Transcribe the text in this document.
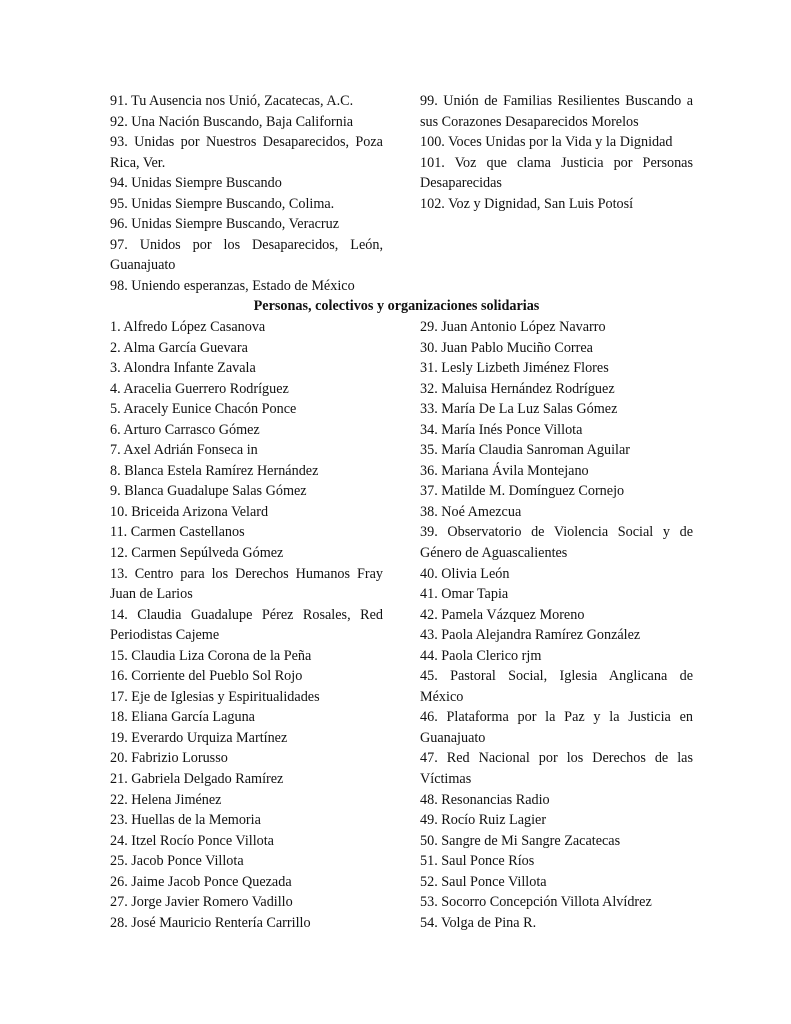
91. Tu Ausencia nos Unió, Zacatecas, A.C.
92. Una Nación Buscando, Baja California
93. Unidas por Nuestros Desaparecidos, Poza Rica, Ver.
94. Unidas Siempre Buscando
95. Unidas Siempre Buscando, Colima.
96. Unidas Siempre Buscando, Veracruz
97. Unidos por los Desaparecidos, León, Guanajuato
98. Uniendo esperanzas, Estado de México
99. Unión de Familias Resilientes Buscando a sus Corazones Desaparecidos Morelos
100. Voces Unidas por la Vida y la Dignidad
101. Voz que clama Justicia por Personas Desaparecidas
102. Voz y Dignidad, San Luis Potosí
Personas, colectivos y organizaciones solidarias
1. Alfredo López Casanova
2. Alma García Guevara
3. Alondra Infante Zavala
4. Aracelia Guerrero Rodríguez
5. Aracely Eunice Chacón Ponce
6. Arturo Carrasco Gómez
7. Axel Adrián Fonseca in
8. Blanca Estela Ramírez Hernández
9. Blanca Guadalupe Salas Gómez
10. Briceida Arizona Velard
11. Carmen Castellanos
12. Carmen Sepúlveda Gómez
13. Centro para los Derechos Humanos Fray Juan de Larios
14. Claudia Guadalupe Pérez Rosales, Red Periodistas Cajeme
15. Claudia Liza Corona de la Peña
16. Corriente del Pueblo Sol Rojo
17. Eje de Iglesias y Espiritualidades
18. Eliana García Laguna
19. Everardo Urquiza Martínez
20. Fabrizio Lorusso
21. Gabriela Delgado Ramírez
22. Helena Jiménez
23. Huellas de la Memoria
24. Itzel Rocío Ponce Villota
25. Jacob Ponce Villota
26. Jaime Jacob Ponce Quezada
27. Jorge Javier Romero Vadillo
28. José Mauricio Rentería Carrillo
29. Juan Antonio López Navarro
30. Juan Pablo Muciño Correa
31. Lesly Lizbeth Jiménez Flores
32. Maluisa Hernández Rodríguez
33. María De La Luz Salas Gómez
34. María Inés Ponce Villota
35. María Claudia Sanroman Aguilar
36. Mariana Ávila Montejano
37. Matilde M. Domínguez Cornejo
38. Noé Amezcua
39. Observatorio de Violencia Social y de Género de Aguascalientes
40. Olivia León
41. Omar Tapia
42. Pamela Vázquez Moreno
43. Paola Alejandra Ramírez González
44. Paola Clerico rjm
45. Pastoral Social, Iglesia Anglicana de México
46. Plataforma por la Paz y la Justicia en Guanajuato
47. Red Nacional por los Derechos de las Víctimas
48. Resonancias Radio
49. Rocío Ruiz Lagier
50. Sangre de Mi Sangre Zacatecas
51. Saul Ponce Ríos
52. Saul Ponce Villota
53. Socorro Concepción Villota Alvídrez
54. Volga de Pina R.
